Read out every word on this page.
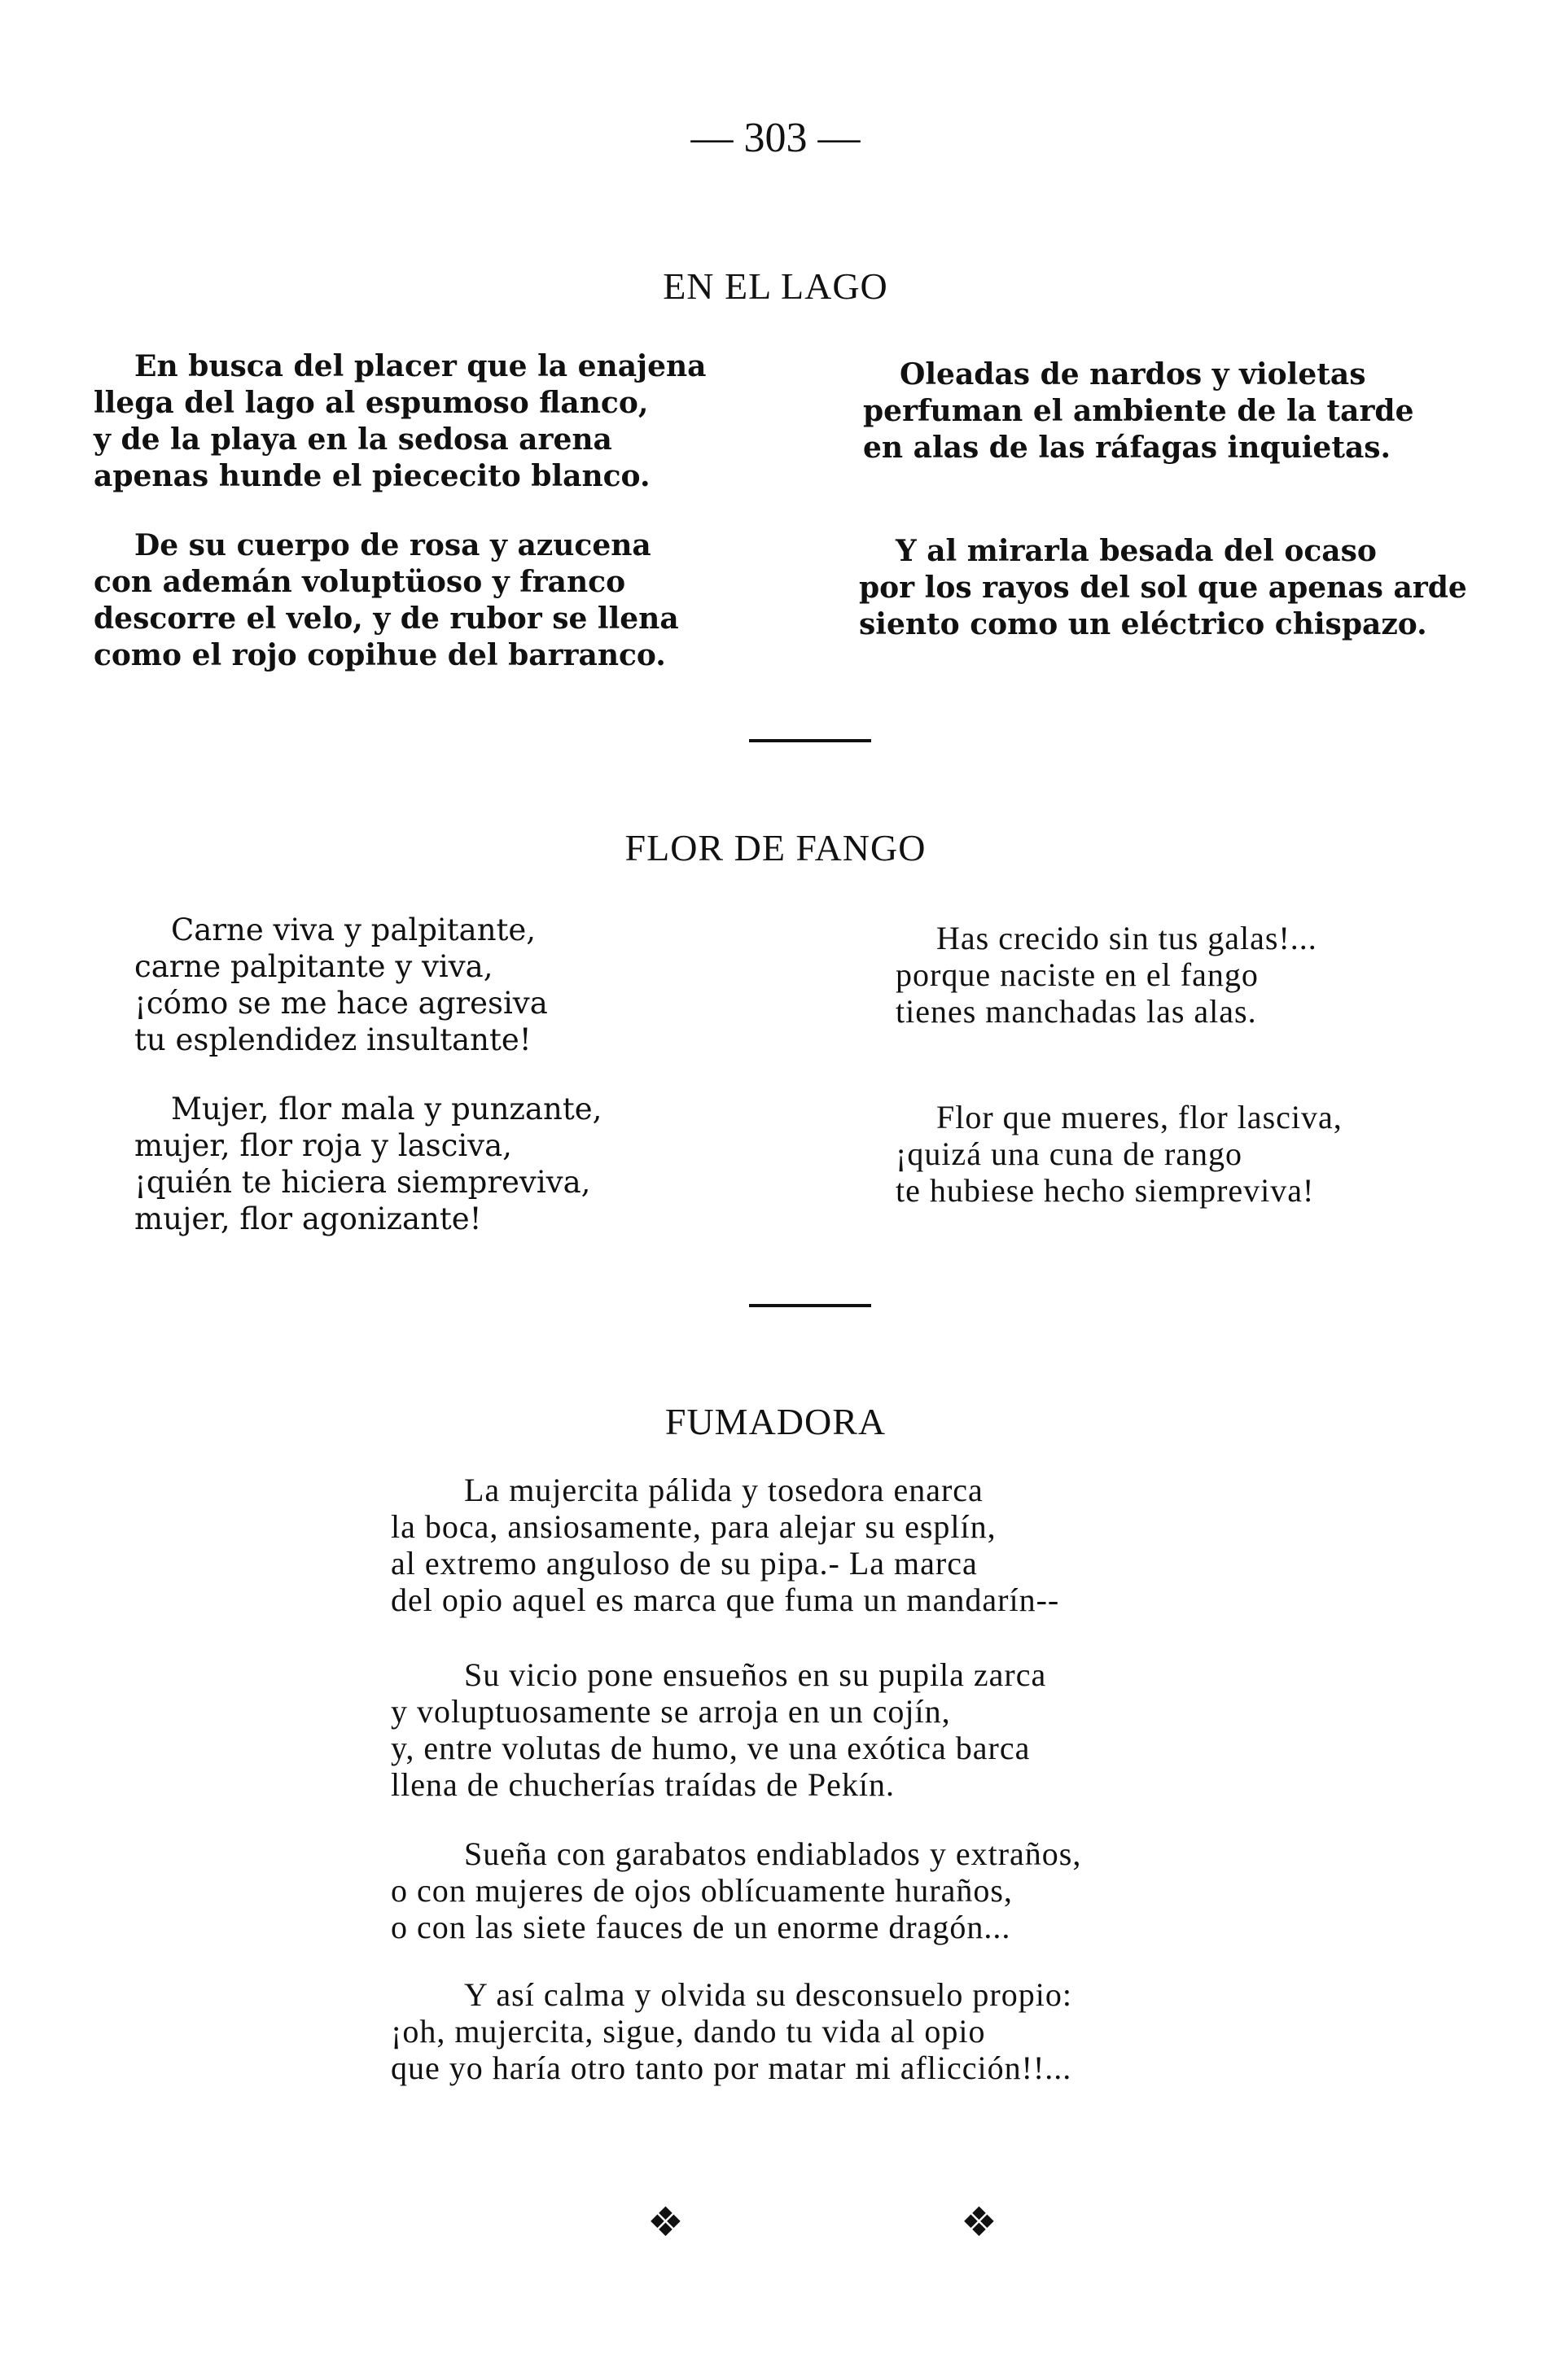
— 303 —
EN EL LAGO
En busca del placer que la enajena
llega del lago al espumoso flanco,
y de la playa en la sedosa arena
apenas hunde el piececito blanco.
De su cuerpo de rosa y azucena
con ademán voluptüoso y franco
descorre el velo, y de rubor se llena
como el rojo copihue del barranco.
Oleadas de nardos y violetas
perfuman el ambiente de la tarde
en alas de las ráfagas inquietas.
Y al mirarla besada del ocaso
por los rayos del sol que apenas arde
siento como un eléctrico chispazo.
FLOR DE FANGO
Carne viva y palpitante,
carne palpitante y viva,
¡cómo se me hace agresiva
tu esplendidez insultante!
Mujer, flor mala y punzante,
mujer, flor roja y lasciva,
¡quién te hiciera siempreviva,
mujer, flor agonizante!
Has crecido sin tus galas!...
porque naciste en el fango
tienes manchadas las alas.
Flor que mueres, flor lasciva,
¡quizá una cuna de rango
te hubiese hecho siempreviva!
FUMADORA
La mujercita pálida y tosedora enarca
la boca, ansiosamente, para alejar su esplín,
al extremo anguloso de su pipa.- La marca
del opio aquel es marca que fuma un mandarín--
Su vicio pone ensueños en su pupila zarca
y voluptuosamente se arroja en un cojín,
y, entre volutas de humo, ve una exótica barca
llena de chucherías traídas de Pekín.
Sueña con garabatos endiablados y extraños,
o con mujeres de ojos oblícuamente huraños,
o con las siete fauces de un enorme dragón...
Y así calma y olvida su desconsuelo propio:
¡oh, mujercita, sigue, dando tu vida al opio
que yo haría otro tanto por matar mi aflicción!!...
❖	❖
